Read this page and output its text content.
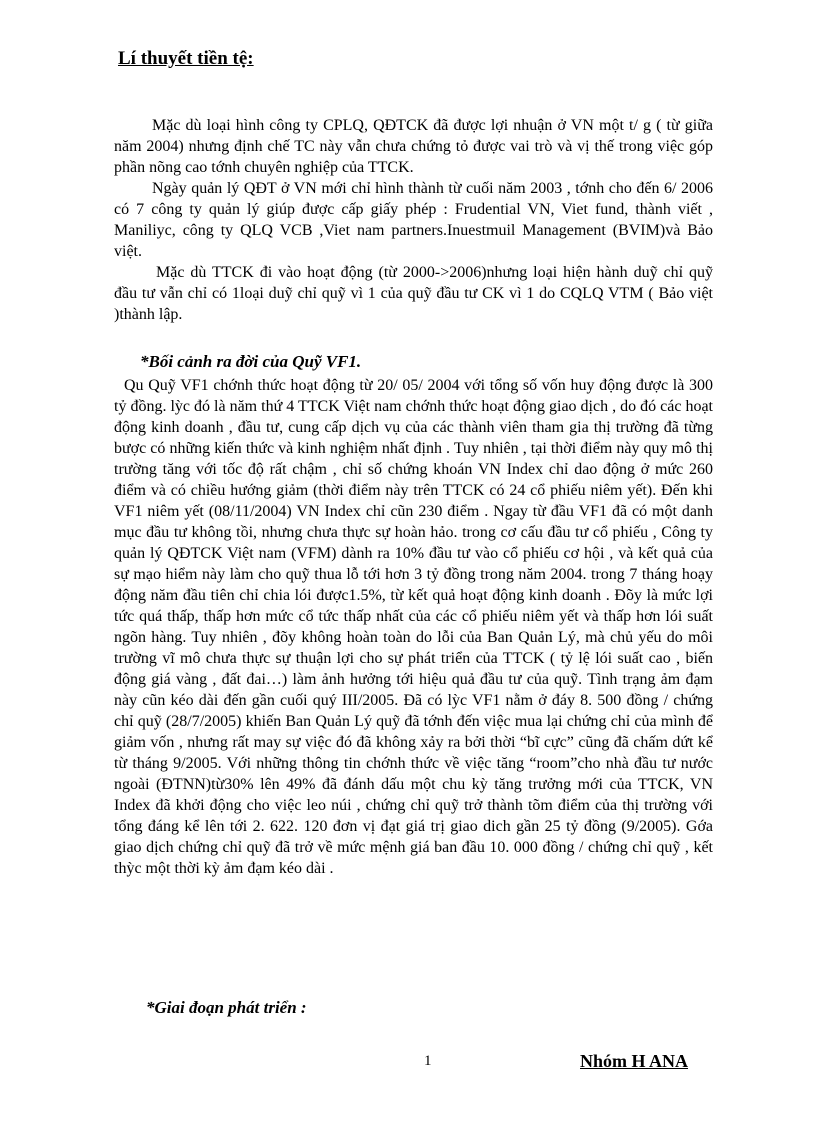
Lí thuyết tiền tệ:

Mặc dù loại hình công ty CPLQ, QĐTCK đã được lợi nhuận ở VN một t/ g ( từ giữa năm 2004) nhưng định chế TC này vẫn chưa chứng tỏ được vai trò và vị thế trong việc góp phần nõng cao tớnh chuyên nghiệp của TTCK.

Ngày quản lý QĐT ở VN mới chỉ hình thành từ cuối năm 2003 , tớnh cho đến 6/ 2006 có 7 công ty quản lý giúp được cấp giấy phép : Frudential VN, Viet fund, thành viết , Maniliyc, công ty QLQ VCB ,Viet nam partners.Inuestmuil Management (BVIM)và Bảo việt.

Mặc dù TTCK đi vào hoạt động (từ 2000->2006)nhưng loại hiện hành duỹ chỉ quỹ đầu tư vẫn chỉ có 1loại duỹ chỉ quỹ vì 1 của quỹ đầu tư CK vì 1 do CQLQ VTM ( Bảo việt )thành lập.

*Bối cảnh ra đời của Quỹ VF1.

Qu Quỹ VF1 chớnh thức hoạt động từ 20/ 05/ 2004 với tổng số vốn huy động được là 300 tỷ đồng. lỳc đó là năm thứ 4 TTCK Việt nam chớnh thức hoạt động giao dịch , do đó các hoạt động kinh doanh , đầu tư, cung cấp dịch vụ của các thành viên tham gia thị trường đã từng bược có những kiến thức và kinh nghiệm nhất định . Tuy nhiên , tại thời điểm này quy mô thị trường tăng với tốc độ rất chậm , chỉ số chứng khoán VN Index chỉ dao động ở mức 260 điểm và có chiều hướng giảm (thời điểm này trên TTCK có 24 cổ phiếu niêm yết). Đến khi VF1 niêm yết (08/11/2004) VN Index chỉ cũn 230 điểm . Ngay từ đầu VF1 đã có một danh mục đầu tư không tồi, nhưng chưa thực sự hoàn hảo. trong cơ cấu đầu tư cổ phiếu , Công ty quản lý QĐTCK Việt nam (VFM) dành ra 10% đầu tư vào cổ phiếu cơ hội , và kết quả của sự mạo hiểm này làm cho quỹ thua lỗ tới hơn 3 tỷ đồng trong năm 2004. trong 7 tháng hoạy động năm đầu tiên chỉ chia lói được1.5%, từ kết quả hoạt động kinh doanh . Đõy là mức lợi tức quá thấp, thấp hơn mức cổ tức thấp nhất của các cổ phiếu niêm yết và thấp hơn lói suất ngõn hàng. Tuy nhiên , đõy không hoàn toàn do lỗi của Ban Quản Lý, mà chủ yếu do môi trường vĩ mô chưa thực sự thuận lợi cho sự phát triển của TTCK ( tỷ lệ lói suất cao , biến động giá vàng , đất đai…) làm ảnh hưởng tới hiệu quả đầu tư của quỹ. Tình trạng ảm đạm này cũn kéo dài đến gần cuối quý III/2005. Đã có lỳc VF1 nằm ở đáy 8. 500 đồng / chứng chỉ quỹ (28/7/2005) khiến Ban Quản Lý quỹ đã tớnh đến việc mua lại chứng chỉ của mình để giảm vốn , nhưng rất may sự việc đó đã không xảy ra bởi thời “bĩ cực” cũng đã chấm dứt kể từ tháng 9/2005. Với những thông tin chớnh thức về việc tăng “room”cho nhà đầu tư nước ngoài (ĐTNN)từ30% lên 49% đã đánh dấu một chu kỳ tăng trưởng mới của TTCK, VN Index đã khởi động cho việc leo núi , chứng chỉ quỹ trở thành tõm điểm của thị trường với tổng đáng kể lên tới 2. 622. 120 đơn vị đạt giá trị giao dich gần 25 tỷ đồng (9/2005). Gớa giao dịch chứng chỉ quỹ đã trở về mức mệnh giá ban đầu 10. 000 đồng / chứng chỉ quỹ , kết thỳc một thời kỳ ảm đạm kéo dài .

*Giai đoạn phát triển :
1	Nhóm H ANA
